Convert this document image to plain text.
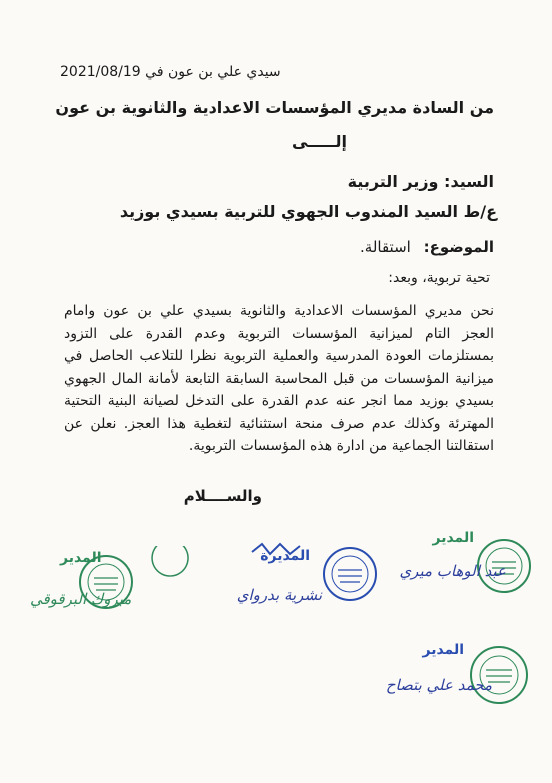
سيدي علي بن عون في 2021/08/19
من السادة مديري المؤسسات الاعدادية والثانوية بن عون
إلـــــى
السيد: وزير التربية
ع/ط السيد المندوب الجهوي للتربية بسيدي بوزيد
الموضوع: استقالة.
تحية تربوية، وبعد:
نحن مديري المؤسسات الاعدادية والثانوية بسيدي علي بن عون وامام العجز التام لميزانية المؤسسات التربوية وعدم القدرة على التزود بمستلزمات العودة المدرسية والعملية التربوية نظرا للتلاعب الحاصل في ميزانية المؤسسات من قبل المحاسبة السابقة التابعة لأمانة المال الجهوي بسيدي بوزيد مما انجر عنه عدم القدرة على التدخل لصيانة البنية التحتية المهترئة وكذلك عدم صرف منحة استثنائية لتغطية هذا العجز. نعلن عن استقالتنا الجماعية من ادارة هذه المؤسسات التربوية.
والســــلام
المدير
عبد الوهاب ميري
المديرة
نشرية بدرواي
المدير
مبروك البرقوقي
المدير
محمد علي بتصاح
